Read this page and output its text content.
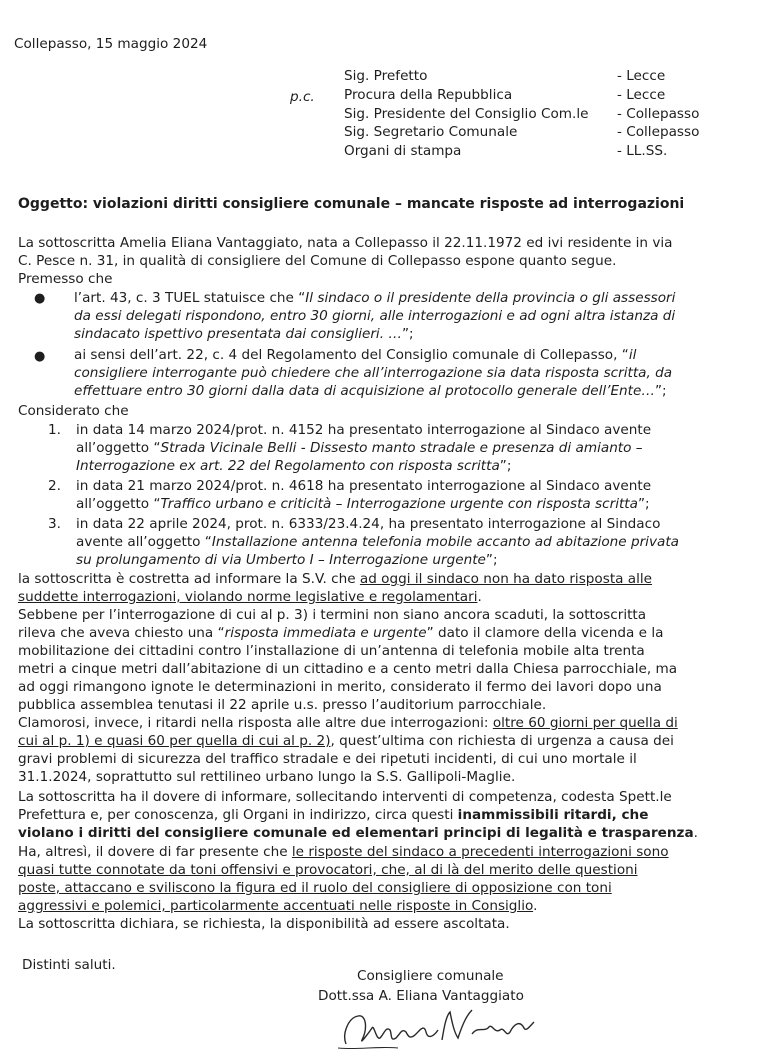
Collepasso, 15 maggio 2024
p.c.
Sig. Prefetto	- Lecce
Procura della Repubblica	- Lecce
Sig. Presidente del Consiglio Com.le - Collepasso
Sig. Segretario Comunale	- Collepasso
Organi di stampa	- LL.SS.
Oggetto: violazioni diritti consigliere comunale – mancate risposte ad interrogazioni
La sottoscritta Amelia Eliana Vantaggiato, nata a Collepasso il 22.11.1972 ed ivi residente in via
C. Pesce n. 31, in qualità di consigliere del Comune di Collepasso espone quanto segue.
Premesso che
● l’art. 43, c. 3 TUEL statuisce che “Il sindaco o il presidente della provincia o gli assessori
da essi delegati rispondono, entro 30 giorni, alle interrogazioni e ad ogni altra istanza di
sindacato ispettivo presentata dai consiglieri. …”;
● ai sensi dell’art. 22, c. 4 del Regolamento del Consiglio comunale di Collepasso, “il
consigliere interrogante può chiedere che all’interrogazione sia data risposta scritta, da
effettuare entro 30 giorni dalla data di acquisizione al protocollo generale dell’Ente…”;
Considerato che
1. in data 14 marzo 2024/prot. n. 4152 ha presentato interrogazione al Sindaco avente
all’oggetto “Strada Vicinale Belli - Dissesto manto stradale e presenza di amianto –
Interrogazione ex art. 22 del Regolamento con risposta scritta”;
2. in data 21 marzo 2024/prot. n. 4618 ha presentato interrogazione al Sindaco avente
all’oggetto “Traffico urbano e criticità – Interrogazione urgente con risposta scritta”;
3. in data 22 aprile 2024, prot. n. 6333/23.4.24, ha presentato interrogazione al Sindaco
avente all’oggetto “Installazione antenna telefonia mobile accanto ad abitazione privata
su prolungamento di via Umberto I – Interrogazione urgente”;
la sottoscritta è costretta ad informare la S.V. che ad oggi il sindaco non ha dato risposta alle
suddette interrogazioni, violando norme legislative e regolamentari.
Sebbene per l’interrogazione di cui al p. 3) i termini non siano ancora scaduti, la sottoscritta
rileva che aveva chiesto una “risposta immediata e urgente” dato il clamore della vicenda e la
mobilitazione dei cittadini contro l’installazione di un’antenna di telefonia mobile alta trenta
metri a cinque metri dall’abitazione di un cittadino e a cento metri dalla Chiesa parrocchiale, ma
ad oggi rimangono ignote le determinazioni in merito, considerato il fermo dei lavori dopo una
pubblica assemblea tenutasi il 22 aprile u.s. presso l’auditorium parrocchiale.
Clamorosi, invece, i ritardi nella risposta alle altre due interrogazioni: oltre 60 giorni per quella di
cui al p. 1) e quasi 60 per quella di cui al p. 2), quest’ultima con richiesta di urgenza a causa dei
gravi problemi di sicurezza del traffico stradale e dei ripetuti incidenti, di cui uno mortale il
31.1.2024, soprattutto sul rettilineo urbano lungo la S.S. Gallipoli-Maglie.
La sottoscritta ha il dovere di informare, sollecitando interventi di competenza, codesta Spett.le
Prefettura e, per conoscenza, gli Organi in indirizzo, circa questi inammissibili ritardi, che
violano i diritti del consigliere comunale ed elementari principi di legalità e trasparenza.
Ha, altresì, il dovere di far presente che le risposte del sindaco a precedenti interrogazioni sono
quasi tutte connotate da toni offensivi e provocatori, che, al di là del merito delle questioni
poste, attaccano e sviliscono la figura ed il ruolo del consigliere di opposizione con toni
aggressivi e polemici, particolarmente accentuati nelle risposte in Consiglio.
La sottoscritta dichiara, se richiesta, la disponibilità ad essere ascoltata.
Distinti saluti.
Consigliere comunale
Dott.ssa A. Eliana Vantaggiato
